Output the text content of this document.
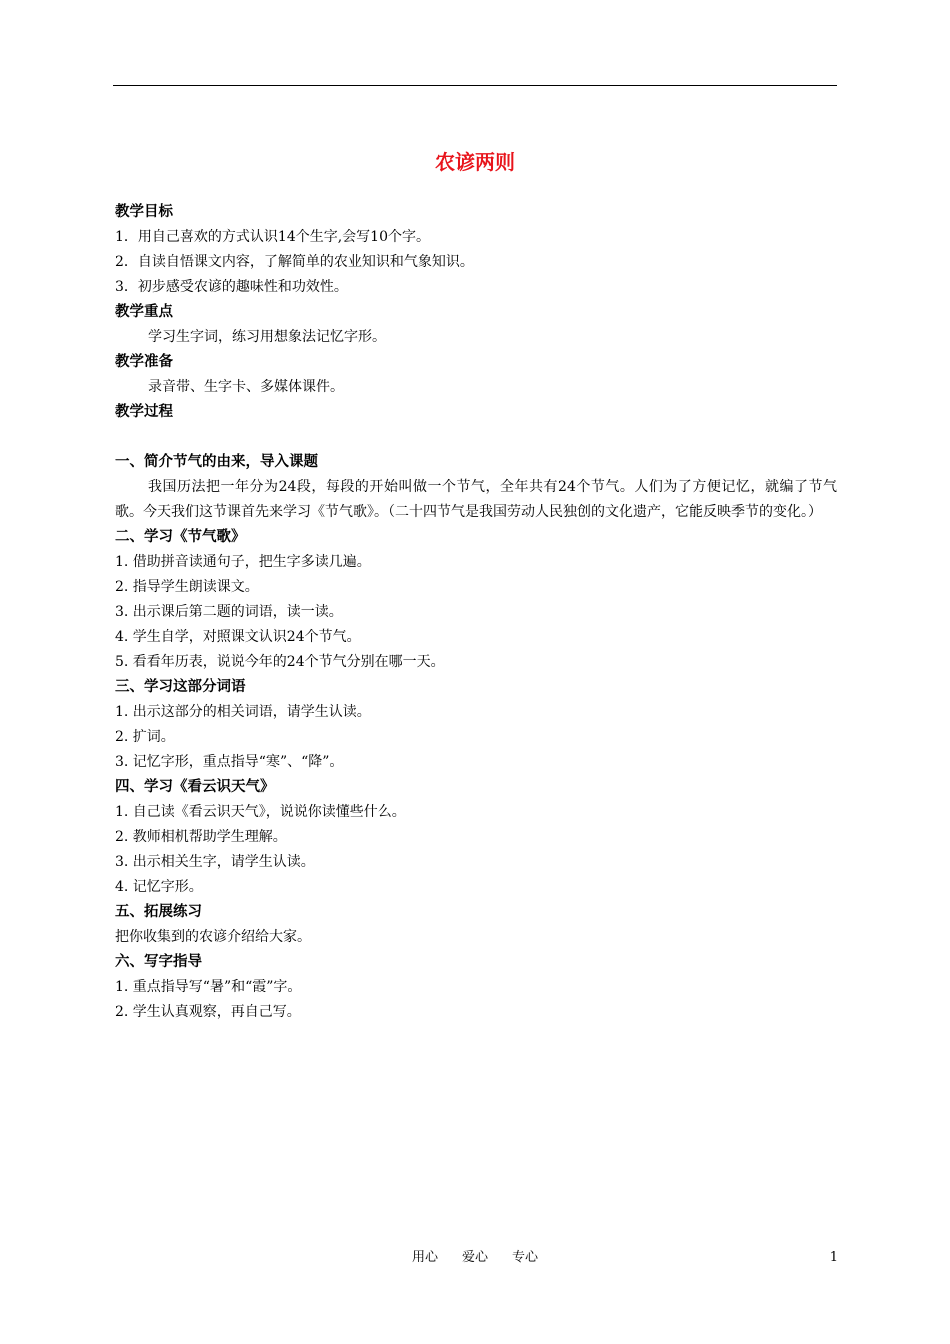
农谚两则
教学目标
1．用自己喜欢的方式认识14个生字,会写10个字。
2．自读自悟课文内容，了解简单的农业知识和气象知识。
3．初步感受农谚的趣味性和功效性。
教学重点
学习生字词，练习用想象法记忆字形。
教学准备
录音带、生字卡、多媒体课件。
教学过程
一、简介节气的由来，导入课题
我国历法把一年分为24段，每段的开始叫做一个节气，全年共有24个节气。人们为了方便记忆，就编了节气歌。今天我们这节课首先来学习《节气歌》。（二十四节气是我国劳动人民独创的文化遗产，它能反映季节的变化。）
二、学习《节气歌》
1. 借助拼音读通句子，把生字多读几遍。
2. 指导学生朗读课文。
3. 出示课后第二题的词语，读一读。
4. 学生自学，对照课文认识24个节气。
5. 看看年历表，说说今年的24个节气分别在哪一天。
三、学习这部分词语
1. 出示这部分的相关词语，请学生认读。
2. 扩词。
3. 记忆字形，重点指导“寒”、“降”。
四、学习《看云识天气》
1. 自己读《看云识天气》，说说你读懂些什么。
2. 教师相机帮助学生理解。
3. 出示相关生字，请学生认读。
4. 记忆字形。
五、拓展练习
把你收集到的农谚介绍给大家。
六、写字指导
1. 重点指导写“暑”和“霞”字。
2. 学生认真观察，再自己写。
用心 爱心 专心	1
